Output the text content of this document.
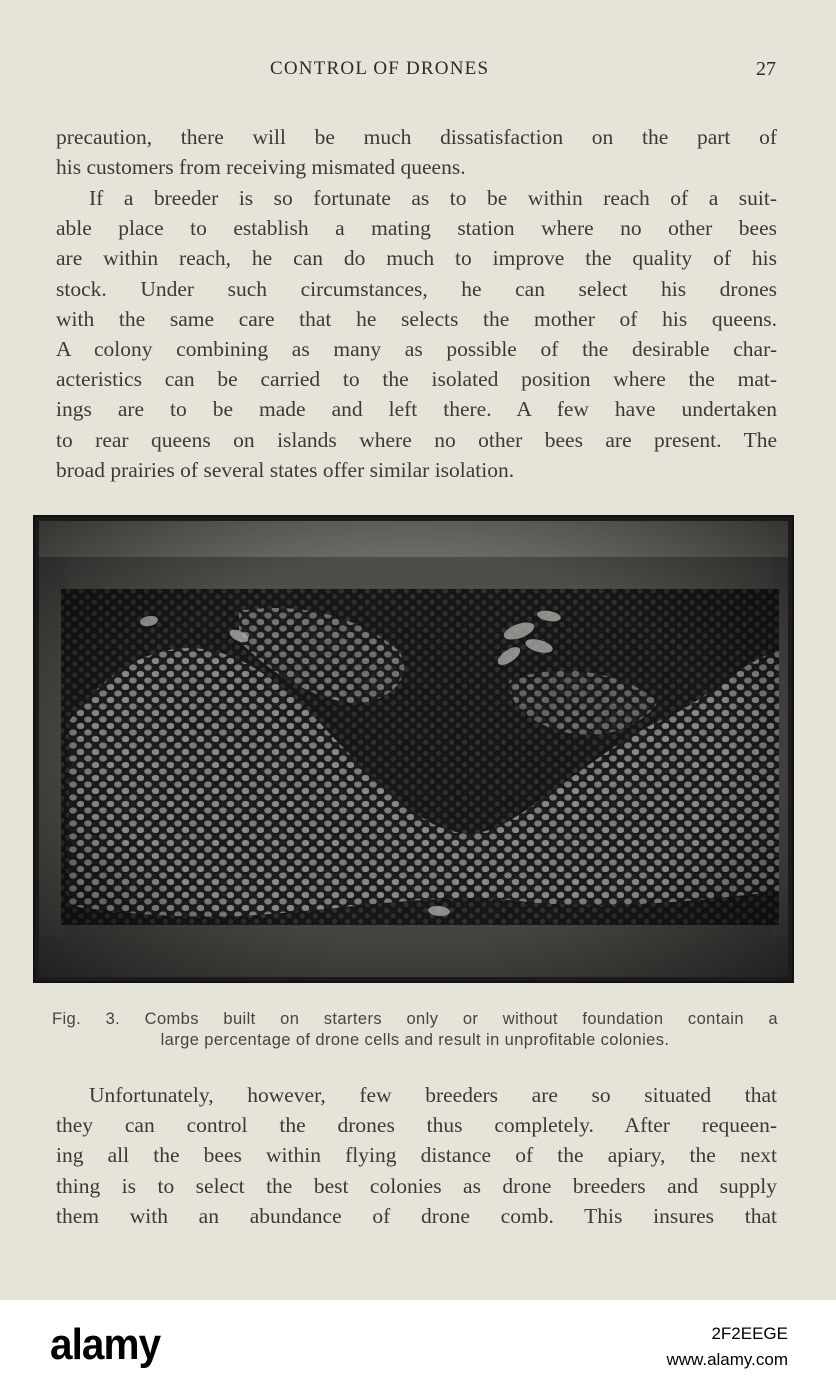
CONTROL OF DRONES	27
precaution, there will be much dissatisfaction on the part of
his customers from receiving mismated queens.
If a breeder is so fortunate as to be within reach of a suit-
able place to establish a mating station where no other bees
are within reach, he can do much to improve the quality of his
stock. Under such circumstances, he can select his drones
with the same care that he selects the mother of his queens.
A colony combining as many as possible of the desirable char-
acteristics can be carried to the isolated position where the mat-
ings are to be made and left there. A few have undertaken
to rear queens on islands where no other bees are present. The
broad prairies of several states offer similar isolation.
Fig. 3. Combs built on starters only or without foundation contain a
large percentage of drone cells and result in unprofitable colonies.
Unfortunately, however, few breeders are so situated that
they can control the drones thus completely. After requeen-
ing all the bees within flying distance of the apiary, the next
thing is to select the best colonies as drone breeders and supply
them with an abundance of drone comb. This insures that
alamy	2F2EEGE
www.alamy.com
